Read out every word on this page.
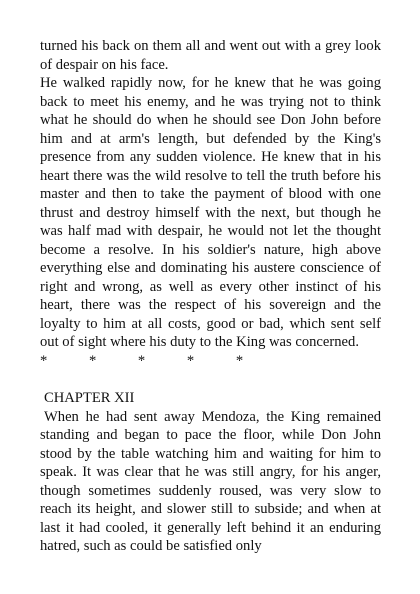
turned his back on them all and went out with a grey look of despair on his face.

He walked rapidly now, for he knew that he was going back to meet his enemy, and he was trying not to think what he should do when he should see Don John before him and at arm's length, but defended by the King's presence from any sudden violence. He knew that in his heart there was the wild resolve to tell the truth before his master and then to take the payment of blood with one thrust and destroy himself with the next, but though he was half mad with despair, he would not let the thought become a resolve. In his soldier's nature, high above everything else and dominating his austere conscience of right and wrong, as well as every other instinct of his heart, there was the respect of his sovereign and the loyalty to him at all costs, good or bad, which sent self out of sight where his duty to the King was concerned.

*	*	*	*	*

CHAPTER XII

When he had sent away Mendoza, the King remained standing and began to pace the floor, while Don John stood by the table watching him and waiting for him to speak. It was clear that he was still angry, for his anger, though sometimes suddenly roused, was very slow to reach its height, and slower still to subside; and when at last it had cooled, it generally left behind it an enduring hatred, such as could be satisfied only
